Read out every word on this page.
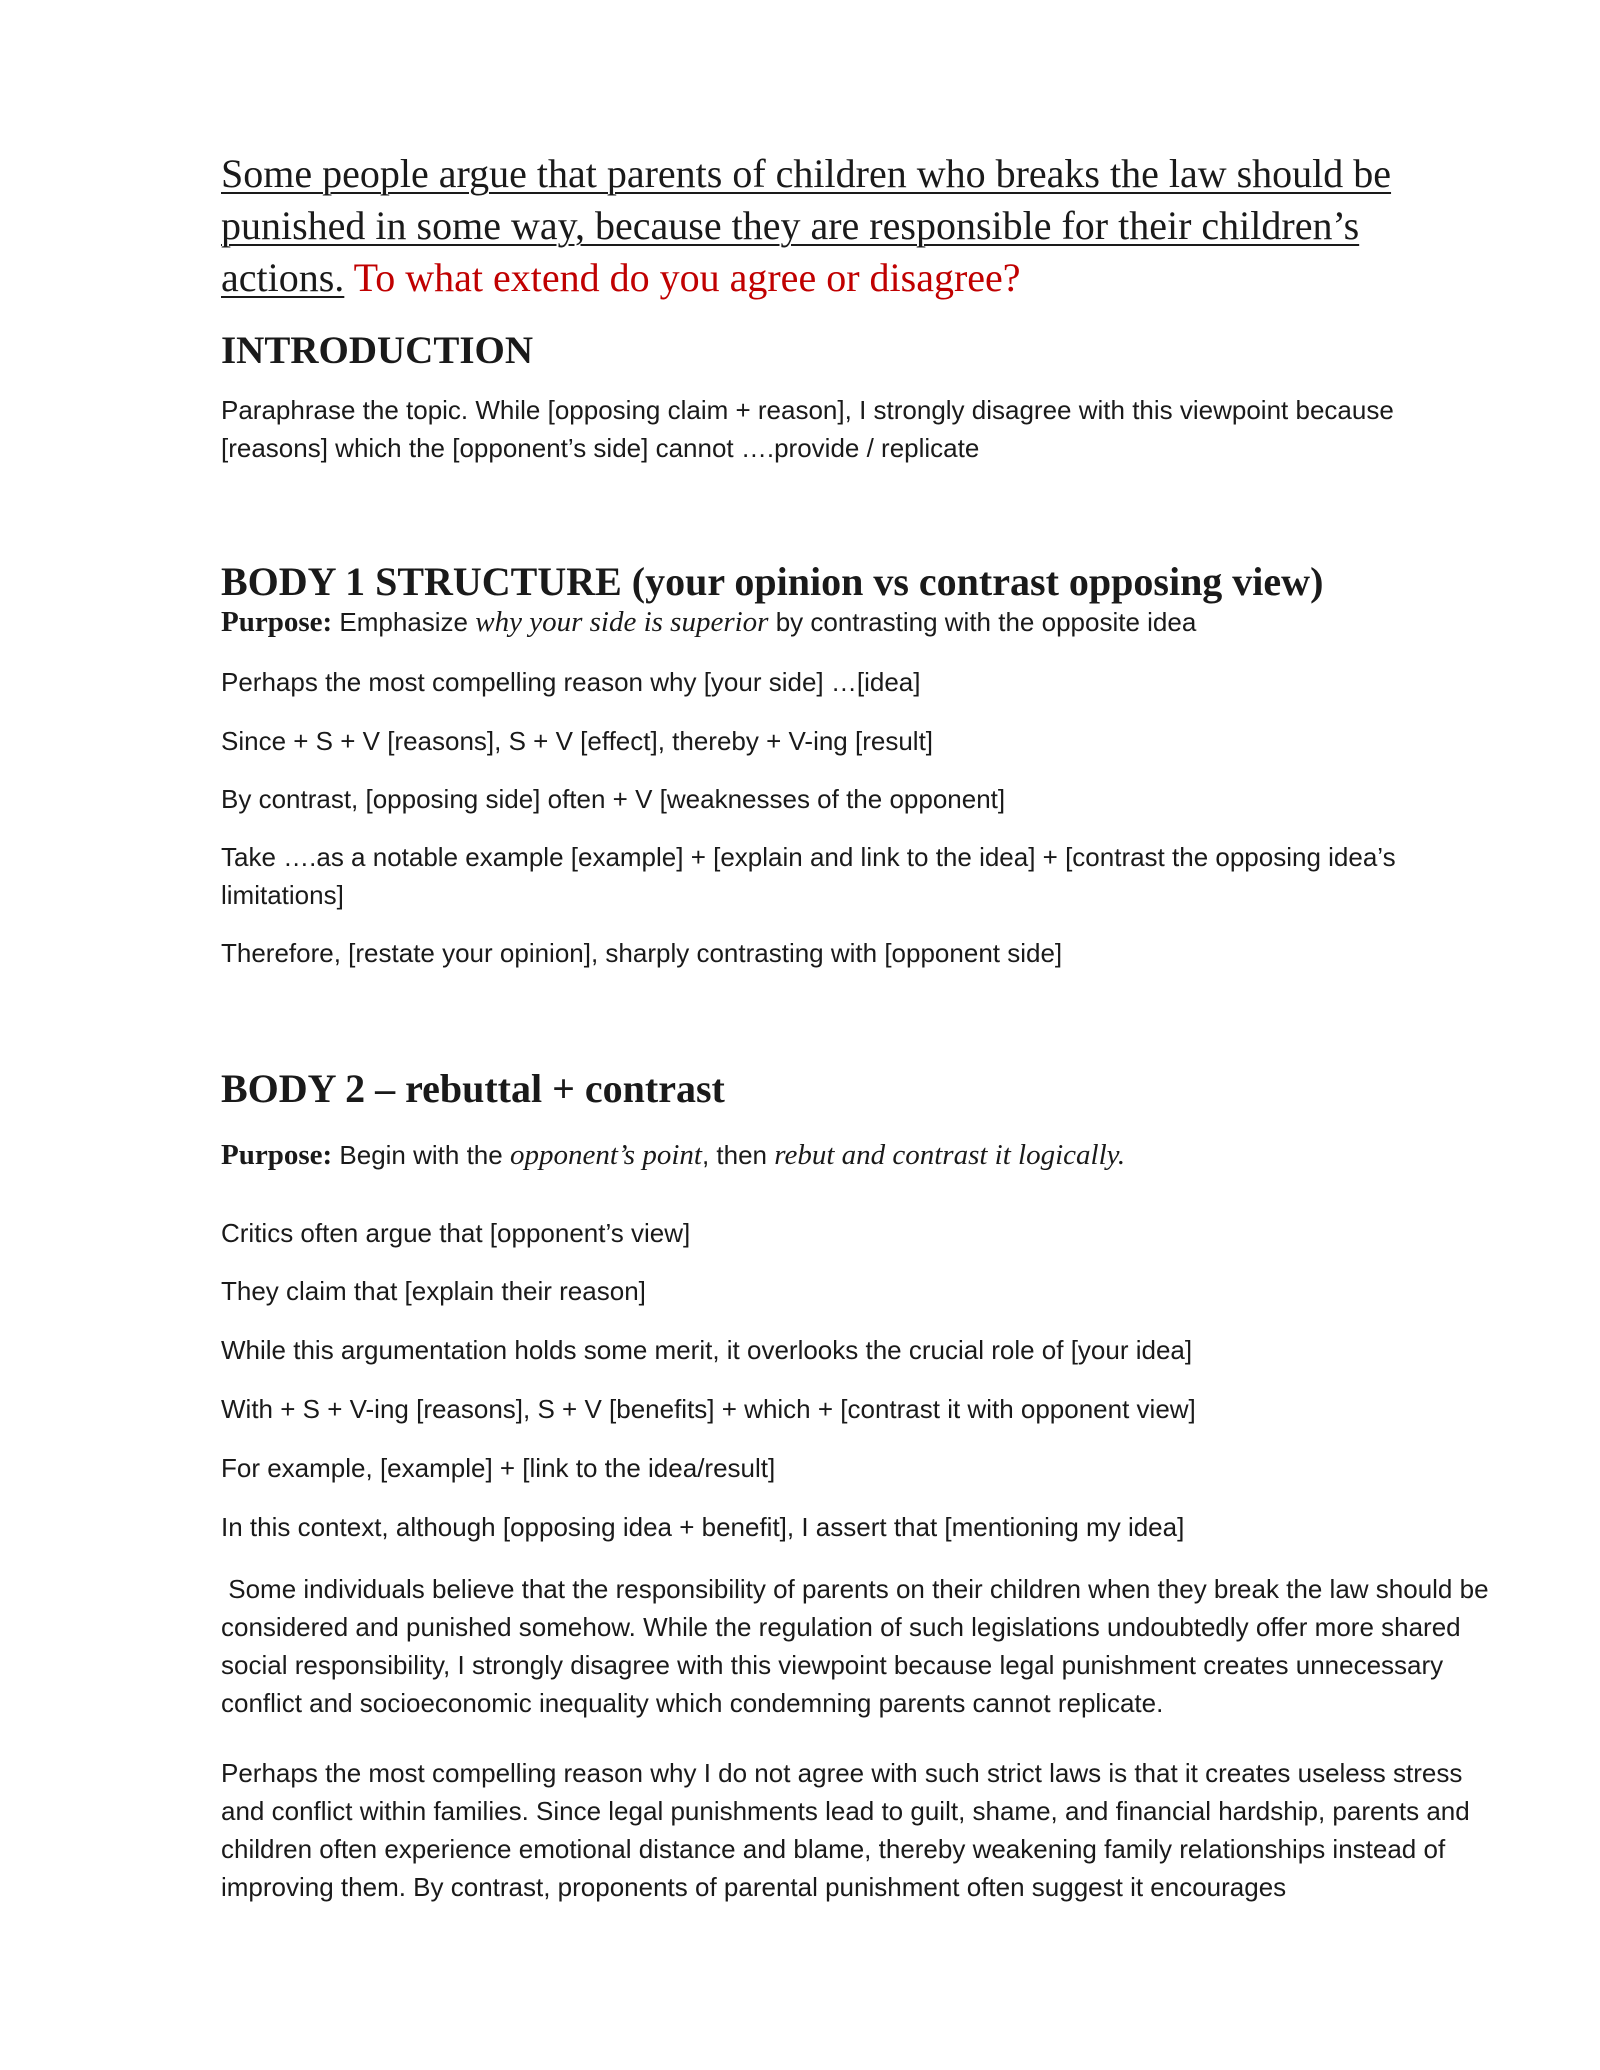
Some people argue that parents of children who breaks the law should be punished in some way, because they are responsible for their children’s actions. To what extend do you agree or disagree?
INTRODUCTION
Paraphrase the topic. While [opposing claim + reason], I strongly disagree with this viewpoint because [reasons] which the [opponent’s side] cannot ….provide / replicate
BODY 1 STRUCTURE (your opinion vs contrast opposing view)
Purpose: Emphasize why your side is superior by contrasting with the opposite idea
Perhaps the most compelling reason why [your side] …[idea]
Since + S + V [reasons], S + V [effect], thereby + V-ing [result]
By contrast, [opposing side] often + V [weaknesses of the opponent]
Take ….as a notable example [example] + [explain and link to the idea] + [contrast the opposing idea’s limitations]
Therefore, [restate your opinion], sharply contrasting with [opponent side]
BODY 2 – rebuttal + contrast
Purpose: Begin with the opponent’s point, then rebut and contrast it logically.
Critics often argue that [opponent’s view]
They claim that [explain their reason]
While this argumentation holds some merit, it overlooks the crucial role of [your idea]
With + S + V-ing [reasons], S + V [benefits] + which + [contrast it with opponent view]
For example, [example] + [link to the idea/result]
In this context, although [opposing idea + benefit], I assert that [mentioning my idea]
Some individuals believe that the responsibility of parents on their children when they break the law should be considered and punished somehow. While the regulation of such legislations undoubtedly offer more shared social responsibility, I strongly disagree with this viewpoint because legal punishment creates unnecessary conflict and socioeconomic inequality which condemning parents cannot replicate.
Perhaps the most compelling reason why I do not agree with such strict laws is that it creates useless stress and conflict within families. Since legal punishments lead to guilt, shame, and financial hardship, parents and children often experience emotional distance and blame, thereby weakening family relationships instead of improving them. By contrast, proponents of parental punishment often suggest it encourages
